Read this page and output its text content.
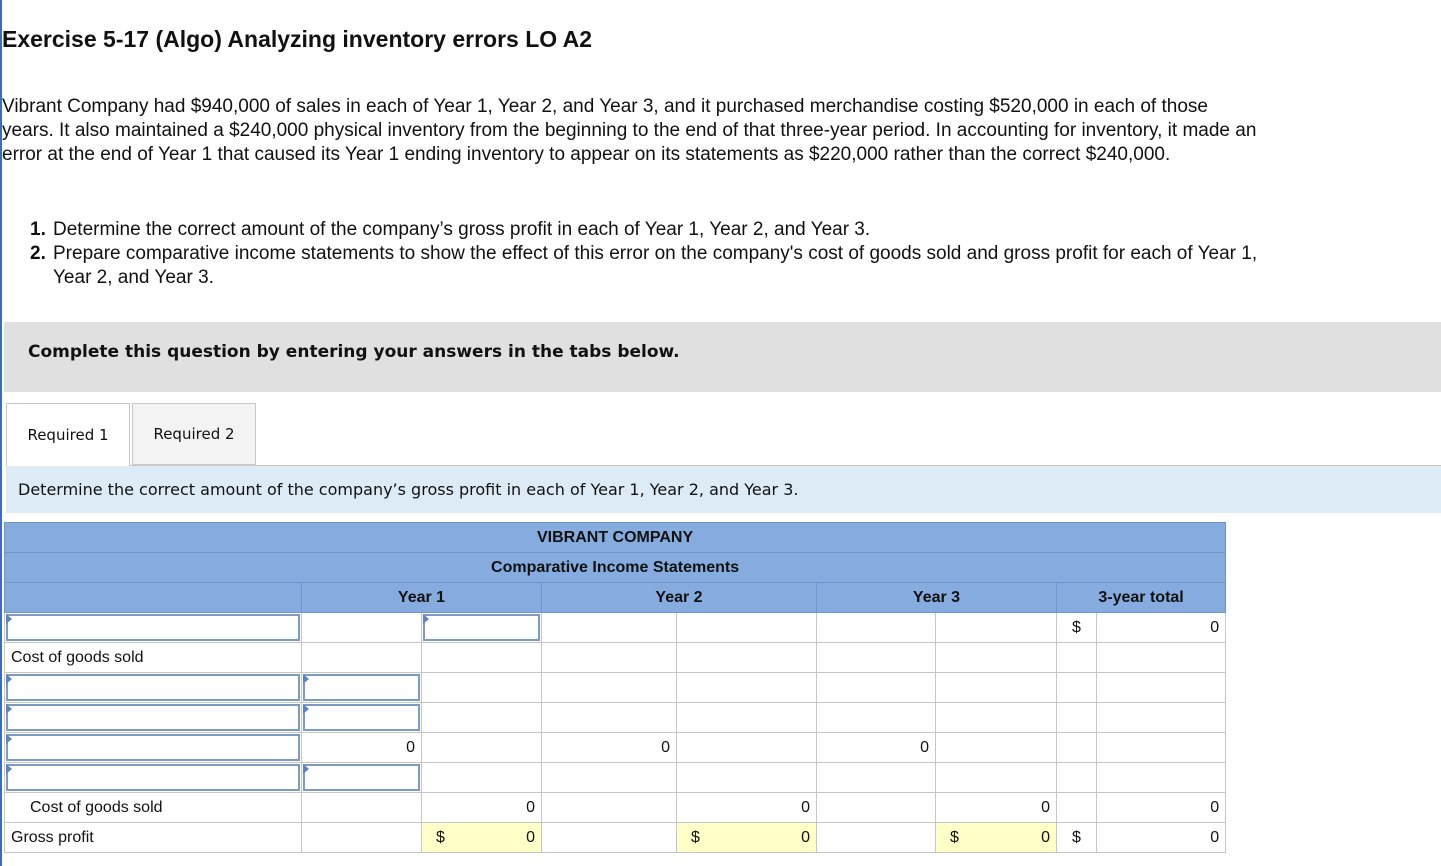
Exercise 5-17 (Algo) Analyzing inventory errors LO A2
Vibrant Company had $940,000 of sales in each of Year 1, Year 2, and Year 3, and it purchased merchandise costing $520,000 in each of those years. It also maintained a $240,000 physical inventory from the beginning to the end of that three-year period. In accounting for inventory, it made an error at the end of Year 1 that caused its Year 1 ending inventory to appear on its statements as $220,000 rather than the correct $240,000.
1. Determine the correct amount of the company’s gross profit in each of Year 1, Year 2, and Year 3.
2. Prepare comparative income statements to show the effect of this error on the company's cost of goods sold and gross profit for each of Year 1, Year 2, and Year 3.
Complete this question by entering your answers in the tabs below.
Required 1	Required 2
Determine the correct amount of the company’s gross profit in each of Year 1, Year 2, and Year 3.
VIBRANT COMPANY								
Comparative Income Statements								
	Year 1		Year 2		Year 3		3-year total	

					$	0
Cost of goods sold								

	0		0		0			

Cost of goods sold		0		0		0		0
Gross profit		$ 0		$ 0		$ 0	$	0
